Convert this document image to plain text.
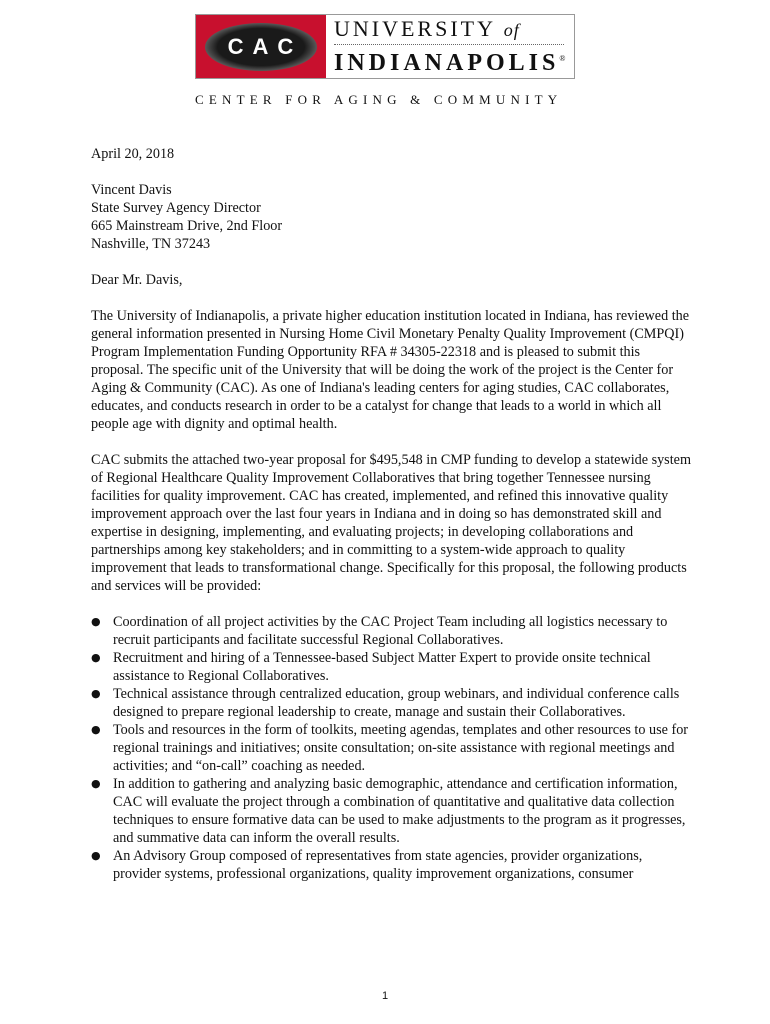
CAC
UNIVERSITY of
INDIANAPOLIS®
CENTER FOR AGING & COMMUNITY

April 20, 2018

Vincent Davis
State Survey Agency Director
665 Mainstream Drive, 2nd Floor
Nashville, TN 37243

Dear Mr. Davis,

The University of Indianapolis, a private higher education institution located in Indiana, has reviewed the general information presented in Nursing Home Civil Monetary Penalty Quality Improvement (CMPQI) Program Implementation Funding Opportunity RFA # 34305-22318 and is pleased to submit this proposal. The specific unit of the University that will be doing the work of the project is the Center for Aging & Community (CAC). As one of Indiana's leading centers for aging studies, CAC collaborates, educates, and conducts research in order to be a catalyst for change that leads to a world in which all people age with dignity and optimal health.

CAC submits the attached two-year proposal for $495,548 in CMP funding to develop a statewide system of Regional Healthcare Quality Improvement Collaboratives that bring together Tennessee nursing facilities for quality improvement. CAC has created, implemented, and refined this innovative quality improvement approach over the last four years in Indiana and in doing so has demonstrated skill and expertise in designing, implementing, and evaluating projects; in developing collaborations and partnerships among key stakeholders; and in committing to a system-wide approach to quality improvement that leads to transformational change. Specifically for this proposal, the following products and services will be provided:

● Coordination of all project activities by the CAC Project Team including all logistics necessary to recruit participants and facilitate successful Regional Collaboratives.
● Recruitment and hiring of a Tennessee-based Subject Matter Expert to provide onsite technical assistance to Regional Collaboratives.
● Technical assistance through centralized education, group webinars, and individual conference calls designed to prepare regional leadership to create, manage and sustain their Collaboratives.
● Tools and resources in the form of toolkits, meeting agendas, templates and other resources to use for regional trainings and initiatives; onsite consultation; on-site assistance with regional meetings and activities; and “on-call” coaching as needed.
● In addition to gathering and analyzing basic demographic, attendance and certification information, CAC will evaluate the project through a combination of quantitative and qualitative data collection techniques to ensure formative data can be used to make adjustments to the program as it progresses, and summative data can inform the overall results.
● An Advisory Group composed of representatives from state agencies, provider organizations, provider systems, professional organizations, quality improvement organizations, consumer
1
